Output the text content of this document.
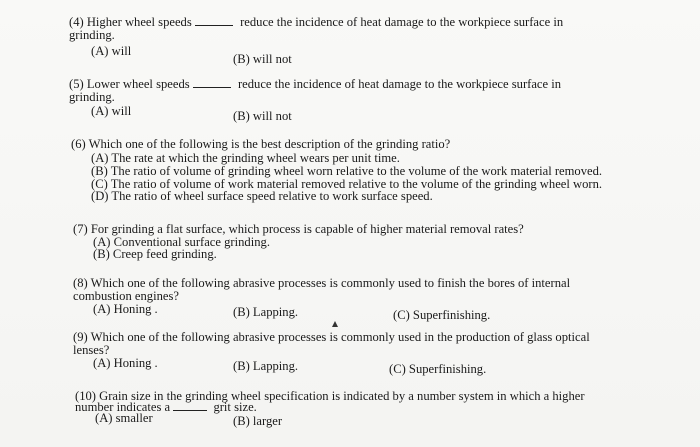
(4) Higher wheel speeds	reduce the incidence of heat damage to the workpiece surface in
grinding.
(A) will
(B) will not
(5) Lower wheel speeds	reduce the incidence of heat damage to the workpiece surface in
grinding.
(A) will	(B) will not
(6) Which one of the following is the best description of the grinding ratio?
(A) The rate at which the grinding wheel wears per unit time.
(B) The ratio of volume of grinding wheel worn relative to the volume of the work material removed.
(C) The ratio of volume of work material removed relative to the volume of the grinding wheel worn.
(D) The ratio of wheel surface speed relative to work surface speed.
(7) For grinding a flat surface, which process is capable of higher material removal rates?
(A) Conventional surface grinding.
(B) Creep feed grinding.
(8) Which one of the following abrasive processes is commonly used to finish the bores of internal
combustion engines?
(A) Honing .	(B) Lapping.	(C) Superfinishing.
(9) Which one of the following abrasive processes is commonly used in the production of glass optical
lenses?
(A) Honing .	(B) Lapping.	(C) Superfinishing.
(10) Grain size in the grinding wheel specification is indicated by a number system in which a higher
number indicates a	grit size.
(A) smaller	(B) larger
